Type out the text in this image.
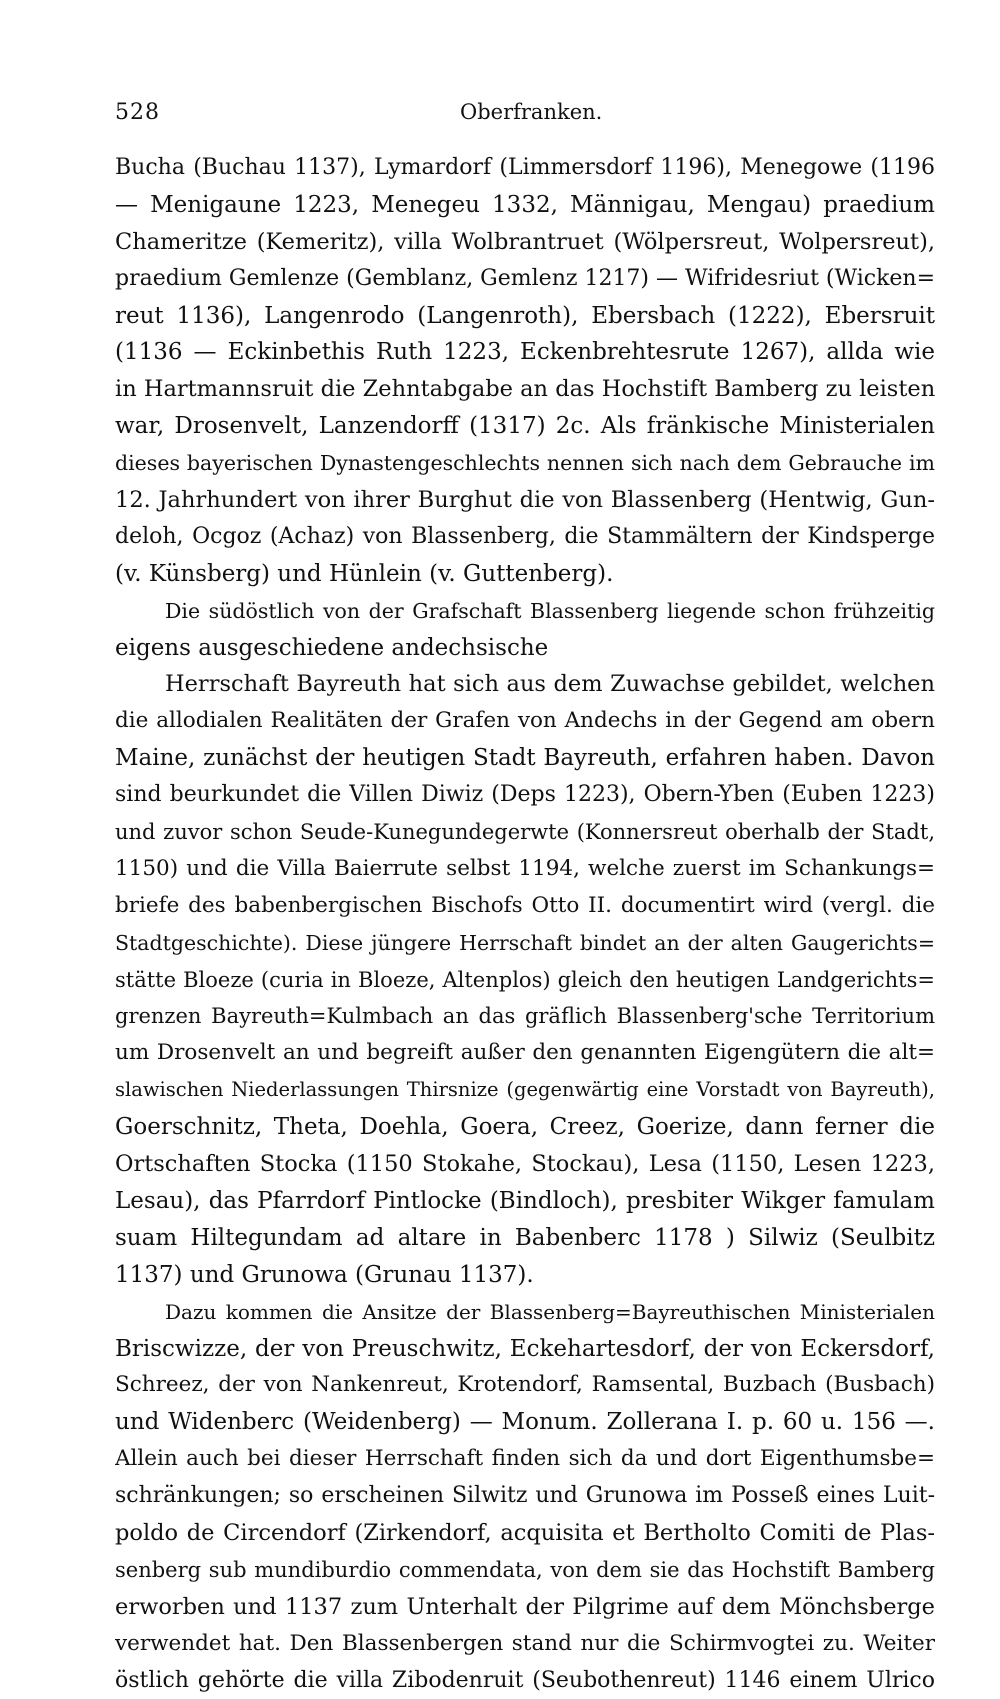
528	Oberfranken.
Bucha (Buchau 1137), Lymardorf (Limmersdorf 1196), Menegowe (1196
— Menigaune 1223, Menegeu 1332, Männigau, Mengau) praedium
Chameritze (Kemeritz), villa Wolbrantruet (Wölpersreut, Wolpersreut),
praedium Gemlenze (Gemblanz, Gemlenz 1217) — Wifridesriut (Wicken=
reut 1136), Langenrodo (Langenroth), Ebersbach (1222), Ebersruit
(1136 — Eckinbethis Ruth 1223, Eckenbrehtesrute 1267), allda wie
in Hartmannsruit die Zehntabgabe an das Hochstift Bamberg zu leisten
war, Drosenvelt, Lanzendorff (1317) 2c. Als fränkische Ministerialen
dieses bayerischen Dynastengeschlechts nennen sich nach dem Gebrauche im
12. Jahrhundert von ihrer Burghut die von Blassenberg (Hentwig, Gun-
deloh, Ocgoz (Achaz) von Blassenberg, die Stammältern der Kindsperge
(v. Künsberg) und Hünlein (v. Guttenberg).
Die südöstlich von der Grafschaft Blassenberg liegende schon frühzeitig
eigens ausgeschiedene andechsische
Herrschaft Bayreuth hat sich aus dem Zuwachse gebildet, welchen
die allodialen Realitäten der Grafen von Andechs in der Gegend am obern
Maine, zunächst der heutigen Stadt Bayreuth, erfahren haben. Davon
sind beurkundet die Villen Diwiz (Deps 1223), Obern-Yben (Euben 1223)
und zuvor schon Seude-Kunegundegerwte (Konnersreut oberhalb der Stadt,
1150) und die Villa Baierrute selbst 1194, welche zuerst im Schankungs=
briefe des babenbergischen Bischofs Otto II. documentirt wird (vergl. die
Stadtgeschichte). Diese jüngere Herrschaft bindet an der alten Gaugerichts=
stätte Bloeze (curia in Bloeze, Altenplos) gleich den heutigen Landgerichts=
grenzen Bayreuth=Kulmbach an das gräflich Blassenberg'sche Territorium
um Drosenvelt an und begreift außer den genannten Eigengütern die alt=
slawischen Niederlassungen Thirsnize (gegenwärtig eine Vorstadt von Bayreuth),
Goerschnitz, Theta, Doehla, Goera, Creez, Goerize, dann ferner die
Ortschaften Stocka (1150 Stokahe, Stockau), Lesa (1150, Lesen 1223,
Lesau), das Pfarrdorf Pintlocke (Bindloch), presbiter Wikger famulam
suam Hiltegundam ad altare in Babenberc 1178 ) Silwiz (Seulbitz
1137) und Grunowa (Grunau 1137).
Dazu kommen die Ansitze der Blassenberg=Bayreuthischen Ministerialen
Briscwizze, der von Preuschwitz, Eckehartesdorf, der von Eckersdorf,
Schreez, der von Nankenreut, Krotendorf, Ramsental, Buzbach (Busbach)
und Widenberc (Weidenberg) — Monum. Zollerana I. p. 60 u. 156 —.
Allein auch bei dieser Herrschaft finden sich da und dort Eigenthumsbe=
schränkungen; so erscheinen Silwitz und Grunowa im Posseß eines Luit-
poldo de Circendorf (Zirkendorf, acquisita et Bertholto Comiti de Plas-
senberg sub mundiburdio commendata, von dem sie das Hochstift Bamberg
erworben und 1137 zum Unterhalt der Pilgrime auf dem Mönchsberge
verwendet hat. Den Blassenbergen stand nur die Schirmvogtei zu. Weiter
östlich gehörte die villa Zibodenruit (Seubothenreut) 1146 einem Ulrico
